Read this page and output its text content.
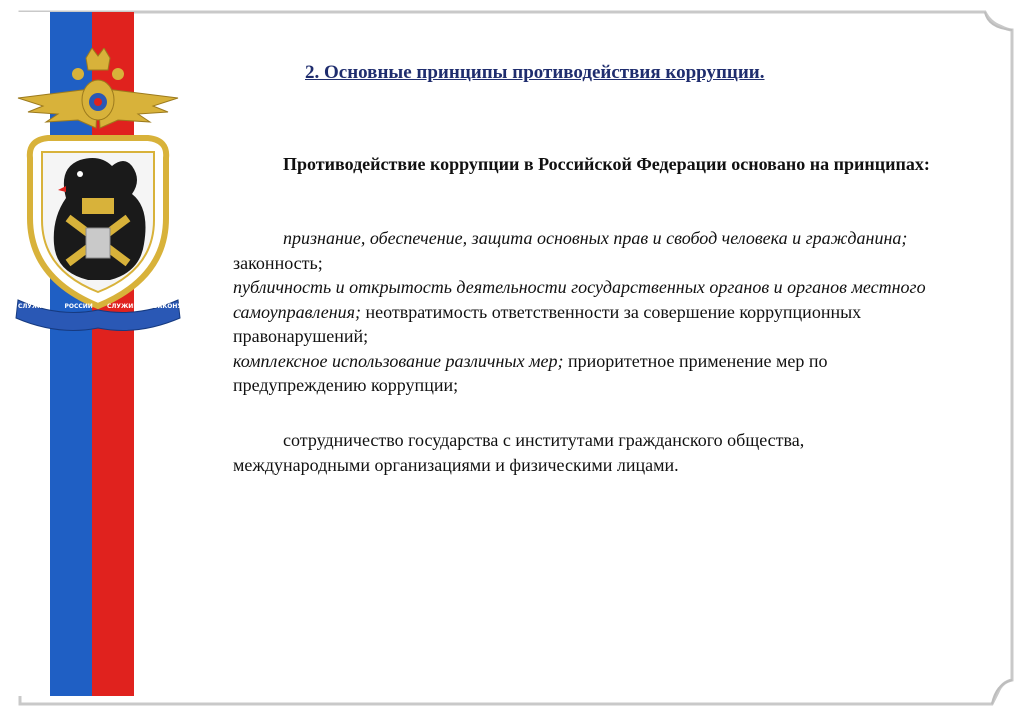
СЛУЖИМ РОССИИ СЛУЖИМ ЗАКОНУ
2. Основные принципы противодействия коррупции.

Противодействие коррупции в Российской Федерации основано на принципах:

признание, обеспечение, защита основных прав и свобод человека и гражданина; законность;

публичность и открытость деятельности государственных органов и органов местного самоуправления; неотвратимость ответственности за совершение коррупционных правонарушений;

комплексное использование различных мер; приоритетное применение мер по предупреждению коррупции;

сотрудничество государства с институтами гражданского общества, международными организациями и физическими лицами.
